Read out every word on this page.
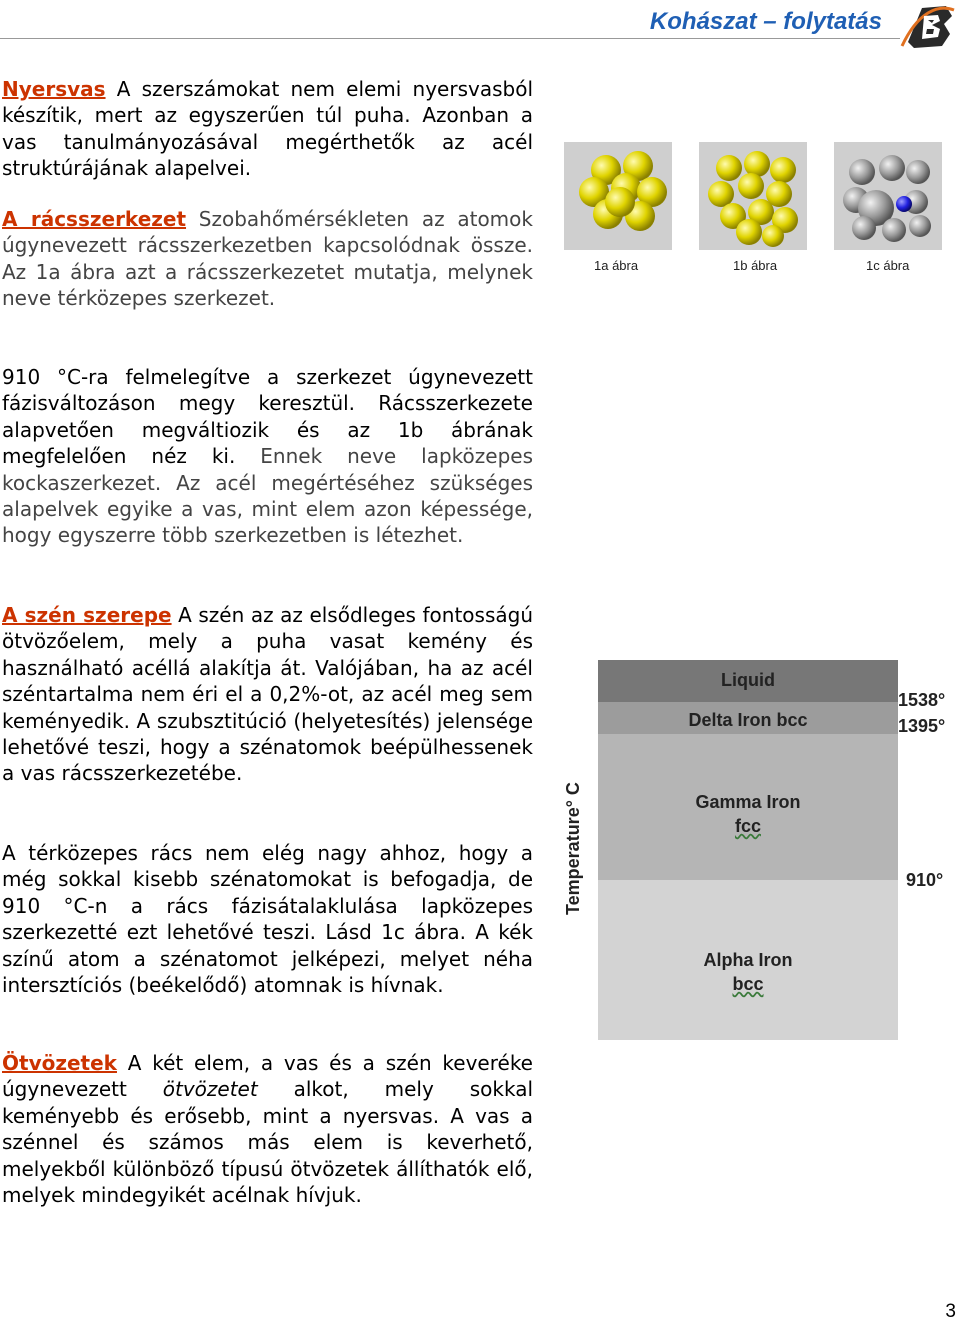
Kohászat – folytatás

Nyersvas A szerszámokat nem elemi nyersvasból készítik, mert az egyszerűen túl puha. Azonban a vas tanulmányozásával megérthetők az acél struktúrájának alapelvei.

A rácsszerkezet Szobahőmérsékleten az atomok úgynevezett rácsszerkezetben kapcsolódnak össze. Az 1a ábra azt a rácsszerkezetet mutatja, melynek neve térközepes szerkezet.

910 °C-ra felmelegítve a szerkezet úgynevezett fázisváltozáson megy keresztül. Rácsszerkezete alapvetően megváltiozik és az 1b ábrának megfelelően néz ki. Ennek neve lapközepes kockaszerkezet. Az acél megértéséhez szükséges alapelvek egyike a vas, mint elem azon képessége, hogy egyszerre több szerkezetben is létezhet.

A szén szerepe A szén az az elsődleges fontosságú ötvözőelem, mely a puha vasat kemény és használható acéllá alakítja át. Valójában, ha az acél széntartalma nem éri el a 0,2%-ot, az acél meg sem keményedik. A szubsztitúció (helyetesítés) jelensége lehetővé teszi, hogy a szénatomok beépülhessenek a vas rácsszerkezetébe.

A térközepes rács nem elég nagy ahhoz, hogy a még sokkal kisebb szénatomokat is befogadja, de 910 °C-n a rács fázisátalaklulása lapközepes szerkezetté ezt lehetővé teszi. Lásd 1c ábra. A kék színű atom a szénatomot jelképezi, melyet néha intersztíciós (beékelődő) atomnak is hívnak.

Ötvözetek A két elem, a vas és a szén keveréke úgynevezett ötvözetet alkot, mely sokkal keményebb és erősebb, mint a nyersvas. A vas a szénnel és számos más elem is keverhető, melyekből különböző típusú ötvözetek állíthatók elő, melyek mindegyikét acélnak hívjuk.

1a ábra	1b ábra	1c ábra
Liquid
Delta Iron bcc
Gamma Iron
fcc
Alpha Iron
bcc
1538°
1395°
910°
Temperature° C
3
